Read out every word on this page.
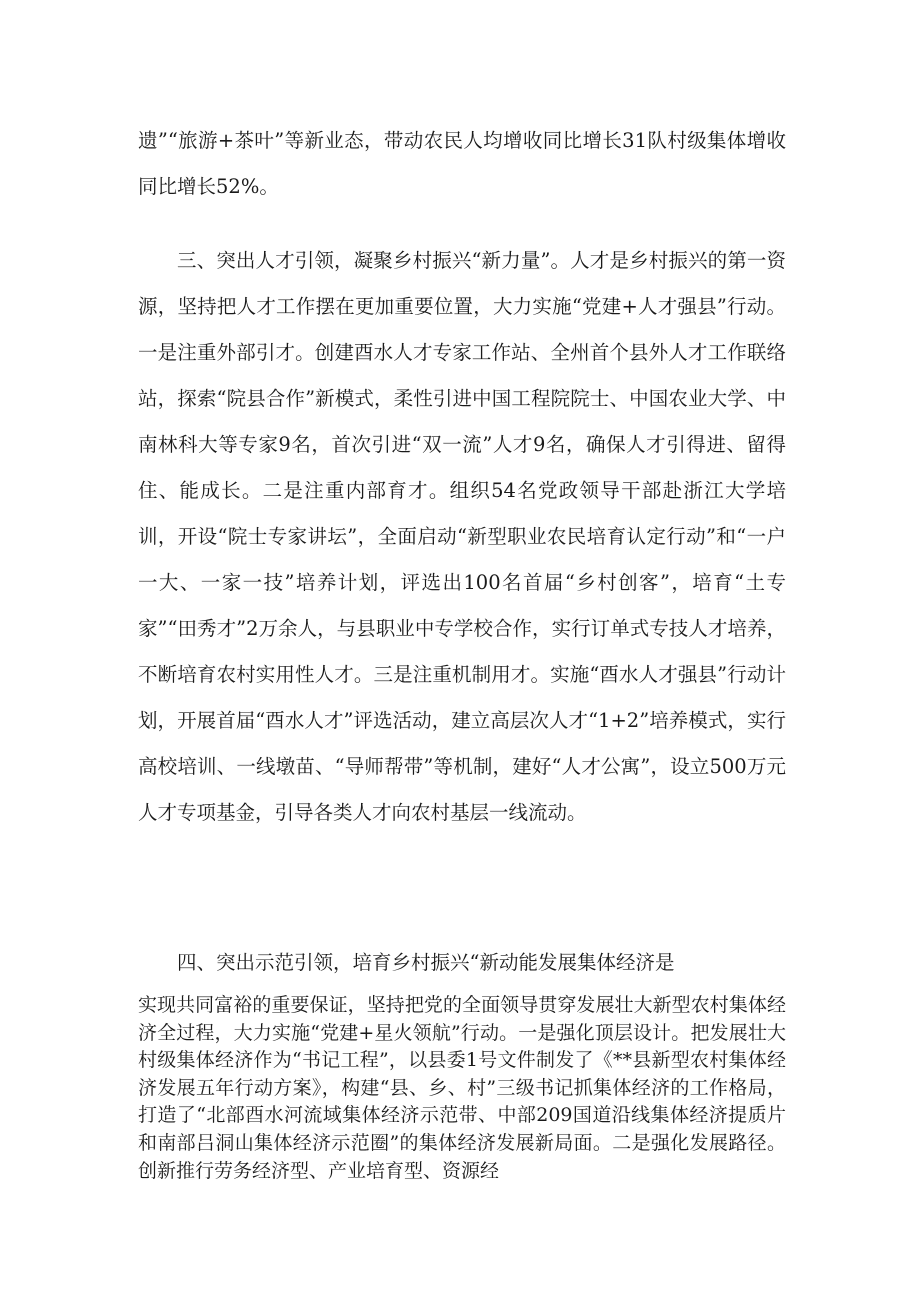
遗”“旅游+茶叶”等新业态，带动农民人均增收同比增长31队村级集体增收同比增长52%。

三、突出人才引领，凝聚乡村振兴“新力量”。人才是乡村振兴的第一资源，坚持把人才工作摆在更加重要位置，大力实施“党建+人才强县”行动。一是注重外部引才。创建酉水人才专家工作站、全州首个县外人才工作联络站，探索“院县合作”新模式，柔性引进中国工程院院士、中国农业大学、中南林科大等专家9名，首次引进“双一流”人才9名，确保人才引得进、留得住、能成长。二是注重内部育才。组织54名党政领导干部赴浙江大学培训，开设“院士专家讲坛”，全面启动“新型职业农民培育认定行动”和“一户一大、一家一技”培养计划，评选出100名首届“乡村创客”，培育“土专家”“田秀才”2万余人，与县职业中专学校合作，实行订单式专技人才培养，不断培育农村实用性人才。三是注重机制用才。实施“酉水人才强县”行动计划，开展首届“酉水人才”评选活动，建立高层次人才“1+2”培养模式，实行高校培训、一线墩苗、“导师帮带”等机制，建好“人才公寓”，设立500万元人才专项基金，引导各类人才向农村基层一线流动。

四、突出示范引领，培育乡村振兴“新动能发展集体经济是

实现共同富裕的重要保证，坚持把党的全面领导贯穿发展壮大新型农村集体经济全过程，大力实施“党建+星火领航”行动。一是强化顶层设计。把发展壮大村级集体经济作为“书记工程”，以县委1号文件制发了《**县新型农村集体经济发展五年行动方案》，构建“县、乡、村”三级书记抓集体经济的工作格局，打造了“北部酉水河流域集体经济示范带、中部209国道沿线集体经济提质片和南部吕洞山集体经济示范圈”的集体经济发展新局面。二是强化发展路径。创新推行劳务经济型、产业培育型、资源经
